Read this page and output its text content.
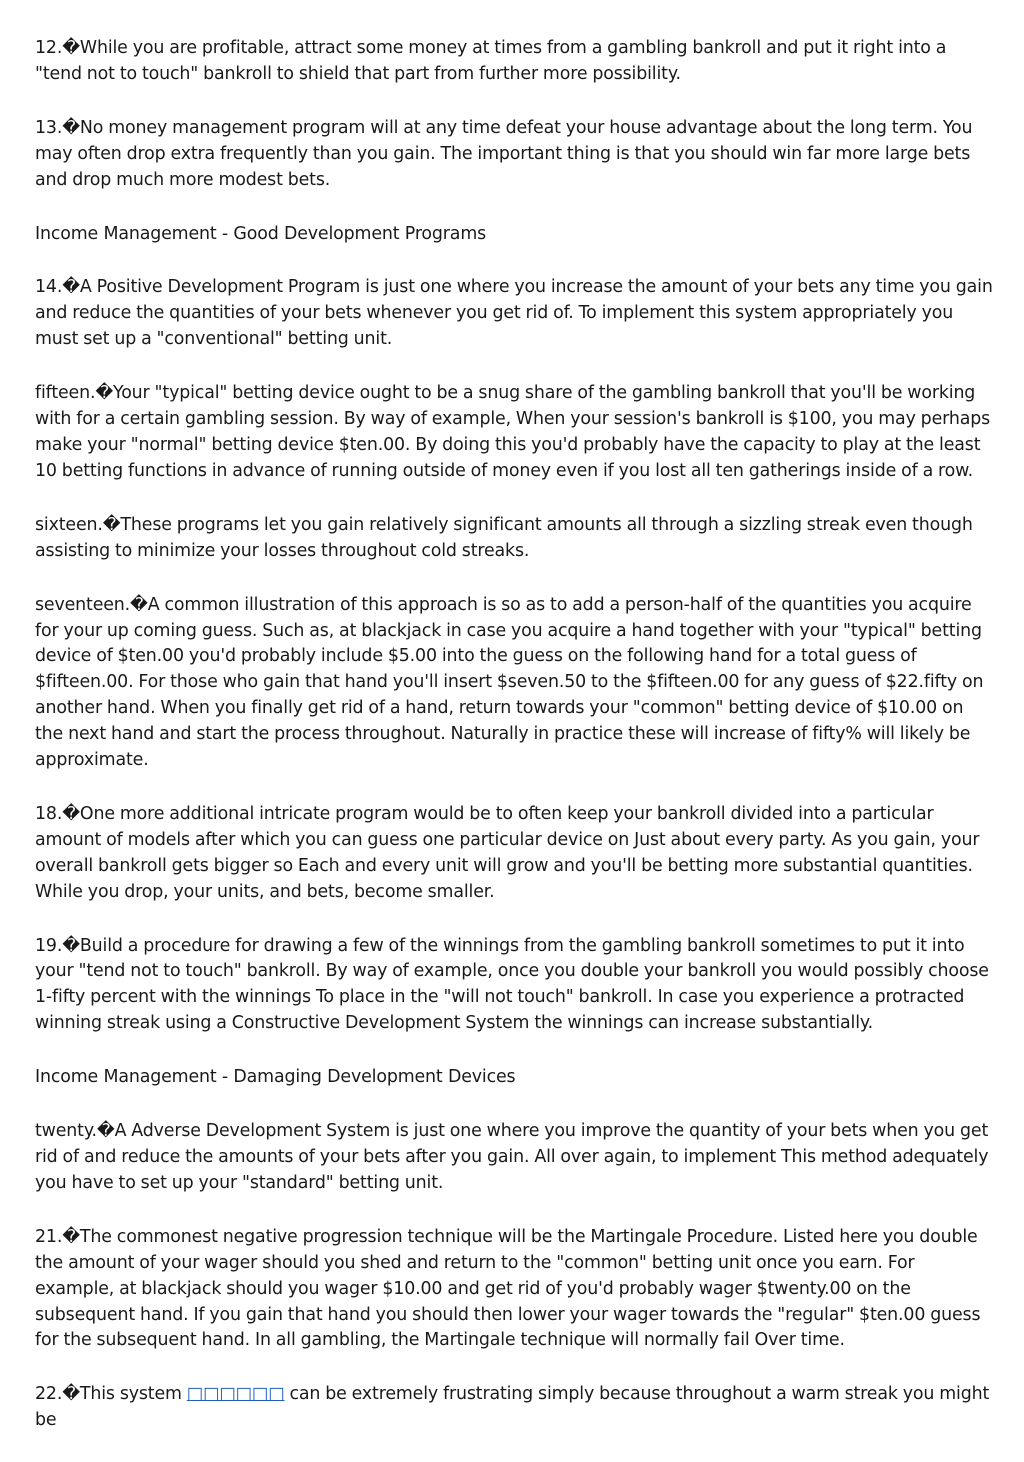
12.�While you are profitable, attract some money at times from a gambling bankroll and put it right into a "tend not to touch" bankroll to shield that part from further more possibility.

13.�No money management program will at any time defeat your house advantage about the long term. You may often drop extra frequently than you gain. The important thing is that you should win far more large bets and drop much more modest bets.

Income Management - Good Development Programs

14.�A Positive Development Program is just one where you increase the amount of your bets any time you gain and reduce the quantities of your bets whenever you get rid of. To implement this system appropriately you must set up a "conventional" betting unit.

fifteen.�Your "typical" betting device ought to be a snug share of the gambling bankroll that you'll be working with for a certain gambling session. By way of example, When your session's bankroll is $100, you may perhaps make your "normal" betting device $ten.00. By doing this you'd probably have the capacity to play at the least 10 betting functions in advance of running outside of money even if you lost all ten gatherings inside of a row.

sixteen.�These programs let you gain relatively significant amounts all through a sizzling streak even though assisting to minimize your losses throughout cold streaks.

seventeen.�A common illustration of this approach is so as to add a person-half of the quantities you acquire for your up coming guess. Such as, at blackjack in case you acquire a hand together with your "typical" betting device of $ten.00 you'd probably include $5.00 into the guess on the following hand for a total guess of $fifteen.00. For those who gain that hand you'll insert $seven.50 to the $fifteen.00 for any guess of $22.fifty on another hand. When you finally get rid of a hand, return towards your "common" betting device of $10.00 on the next hand and start the process throughout. Naturally in practice these will increase of fifty% will likely be approximate.

18.�One more additional intricate program would be to often keep your bankroll divided into a particular amount of models after which you can guess one particular device on Just about every party. As you gain, your overall bankroll gets bigger so Each and every unit will grow and you'll be betting more substantial quantities. While you drop, your units, and bets, become smaller.

19.�Build a procedure for drawing a few of the winnings from the gambling bankroll sometimes to put it into your "tend not to touch" bankroll. By way of example, once you double your bankroll you would possibly choose 1-fifty percent with the winnings To place in the "will not touch" bankroll. In case you experience a protracted winning streak using a Constructive Development System the winnings can increase substantially.

Income Management - Damaging Development Devices

twenty.�A Adverse Development System is just one where you improve the quantity of your bets when you get rid of and reduce the amounts of your bets after you gain. All over again, to implement This method adequately you have to set up your "standard" betting unit.

21.�The commonest negative progression technique will be the Martingale Procedure. Listed here you double the amount of your wager should you shed and return to the "common" betting unit once you earn. For example, at blackjack should you wager $10.00 and get rid of you'd probably wager $twenty.00 on the subsequent hand. If you gain that hand you should then lower your wager towards the "regular" $ten.00 guess for the subsequent hand. In all gambling, the Martingale technique will normally fail Over time.

22.�This system □□□□□□ can be extremely frustrating simply because throughout a warm streak you might be
